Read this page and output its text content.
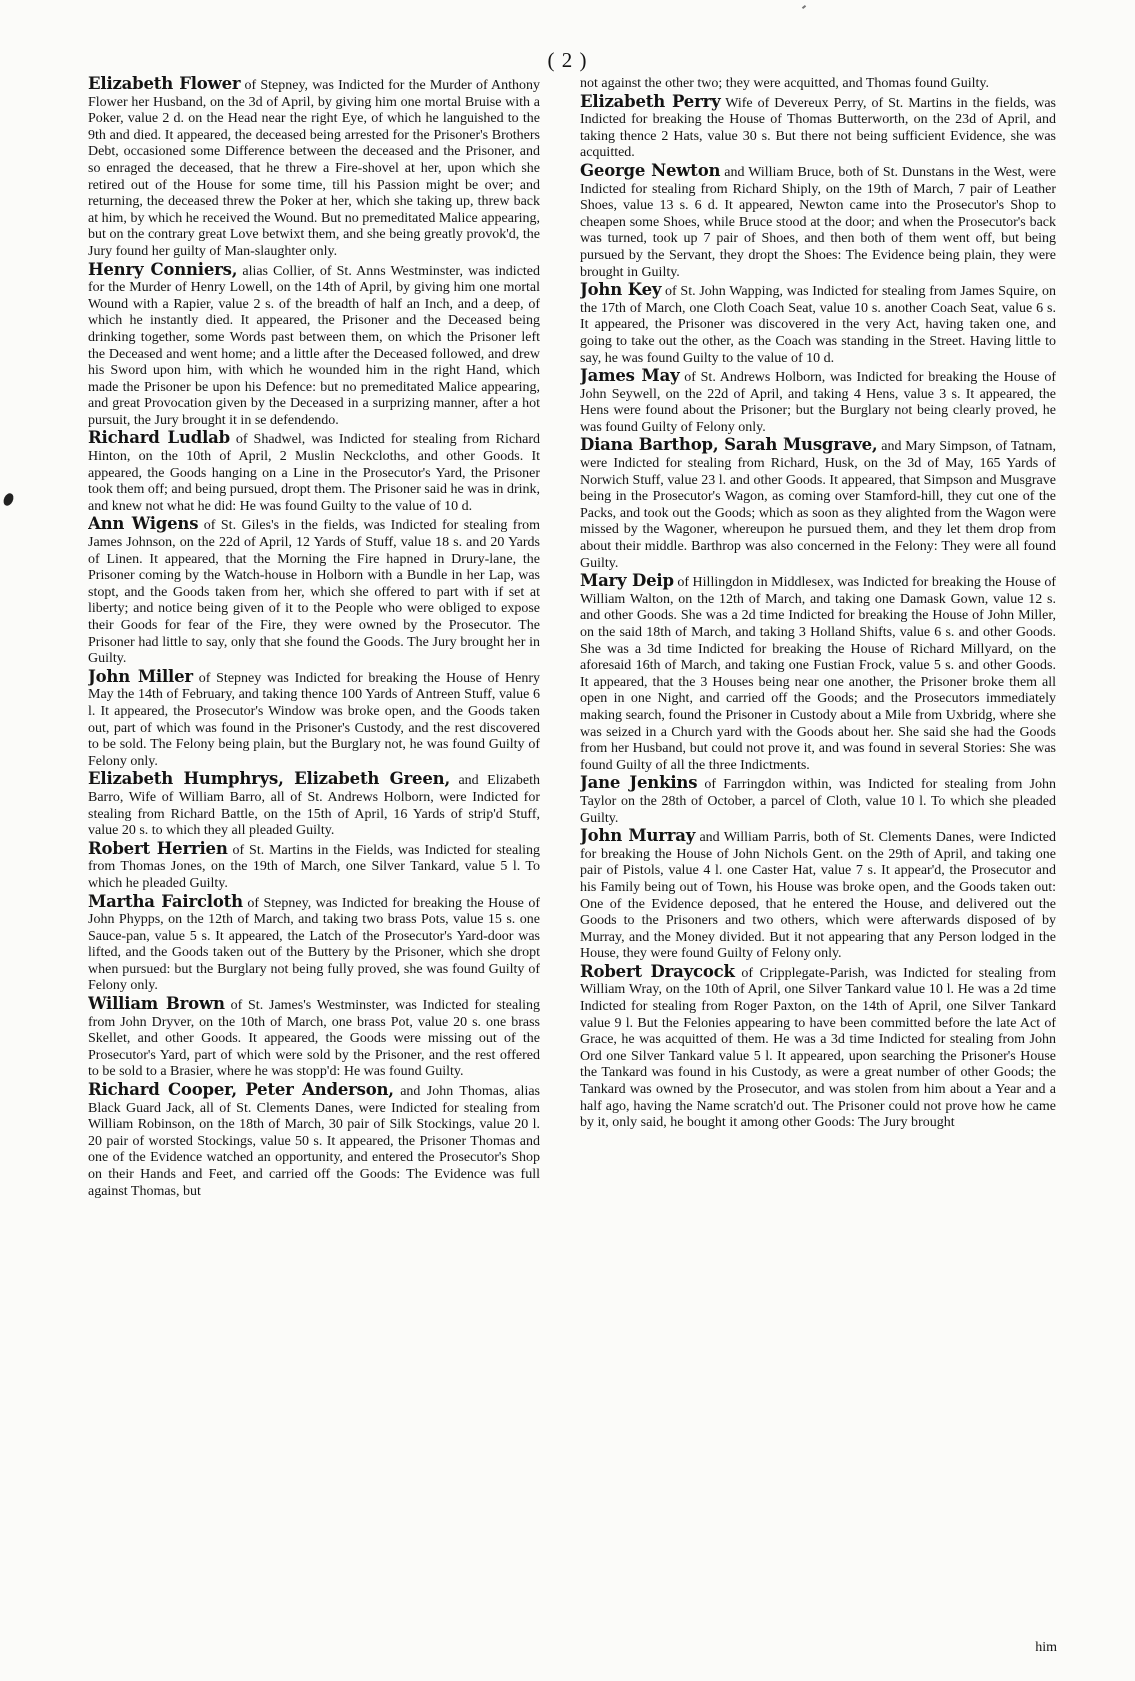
( 2 )

Elizabeth Flower of Stepney, was Indicted for the Murder of Anthony Flower her Husband, on the 3d of April, by giving him one mortal Bruise with a Poker, value 2 d. on the Head near the right Eye, of which he languished to the 9th and died. It appeared, the deceased being arrested for the Prisoner's Brothers Debt, occasioned some Difference between the deceased and the Prisoner, and so enraged the deceased, that he threw a Fire-shovel at her, upon which she retired out of the House for some time, till his Passion might be over; and returning, the deceased threw the Poker at her, which she taking up, threw back at him, by which he received the Wound. But no premeditated Malice appearing, but on the contrary great Love betwixt them, and she being greatly provok'd, the Jury found her guilty of Man-slaughter only.

Henry Conniers, alias Collier, of St. Anns Westminster, was indicted for the Murder of Henry Lowell, on the 14th of April, by giving him one mortal Wound with a Rapier, value 2 s. of the breadth of half an Inch, and a deep, of which he instantly died. It appeared, the Prisoner and the Deceased being drinking together, some Words past between them, on which the Prisoner left the Deceased and went home; and a little after the Deceased followed, and drew his Sword upon him, with which he wounded him in the right Hand, which made the Prisoner be upon his Defence: but no premeditated Malice appearing, and great Provocation given by the Deceased in a surprizing manner, after a hot pursuit, the Jury brought it in se defendendo.

Richard Ludlab of Shadwel, was Indicted for stealing from Richard Hinton, on the 10th of April, 2 Muslin Neckcloths, and other Goods. It appeared, the Goods hanging on a Line in the Prosecutor's Yard, the Prisoner took them off; and being pursued, dropt them. The Prisoner said he was in drink, and knew not what he did: He was found Guilty to the value of 10 d.

Ann Wigens of St. Giles's in the fields, was Indicted for stealing from James Johnson, on the 22d of April, 12 Yards of Stuff, value 18 s. and 20 Yards of Linen. It appeared, that the Morning the Fire hapned in Drury-lane, the Prisoner coming by the Watch-house in Holborn with a Bundle in her Lap, was stopt, and the Goods taken from her, which she offered to part with if set at liberty; and notice being given of it to the People who were obliged to expose their Goods for fear of the Fire, they were owned by the Prosecutor. The Prisoner had little to say, only that she found the Goods. The Jury brought her in Guilty.

John Miller of Stepney was Indicted for breaking the House of Henry May the 14th of February, and taking thence 100 Yards of Antreen Stuff, value 6 l. It appeared, the Prosecutor's Window was broke open, and the Goods taken out, part of which was found in the Prisoner's Custody, and the rest discovered to be sold. The Felony being plain, but the Burglary not, he was found Guilty of Felony only.

Elizabeth Humphrys, Elizabeth Green, and Elizabeth Barro, Wife of William Barro, all of St. Andrews Holborn, were Indicted for stealing from Richard Battle, on the 15th of April, 16 Yards of strip'd Stuff, value 20 s. to which they all pleaded Guilty.

Robert Herrien of St. Martins in the Fields, was Indicted for stealing from Thomas Jones, on the 19th of March, one Silver Tankard, value 5 l. To which he pleaded Guilty.

Martha Faircloth of Stepney, was Indicted for breaking the House of John Phypps, on the 12th of March, and taking two brass Pots, value 15 s. one Sauce-pan, value 5 s. It appeared, the Latch of the Prosecutor's Yard-door was lifted, and the Goods taken out of the Buttery by the Prisoner, which she dropt when pursued: but the Burglary not being fully proved, she was found Guilty of Felony only.

William Brown of St. James's Westminster, was Indicted for stealing from John Dryver, on the 10th of March, one brass Pot, value 20 s. one brass Skellet, and other Goods. It appeared, the Goods were missing out of the Prosecutor's Yard, part of which were sold by the Prisoner, and the rest offered to be sold to a Brasier, where he was stopp'd: He was found Guilty.

Richard Cooper, Peter Anderson, and John Thomas, alias Black Guard Jack, all of St. Clements Danes, were Indicted for stealing from William Robinson, on the 18th of March, 30 pair of Silk Stockings, value 20 l. 20 pair of worsted Stockings, value 50 s. It appeared, the Prisoner Thomas and one of the Evidence watched an opportunity, and entered the Prosecutor's Shop on their Hands and Feet, and carried off the Goods: The Evidence was full against Thomas, but

not against the other two; they were acquitted, and Thomas found Guilty.

Elizabeth Perry Wife of Devereux Perry, of St. Martins in the fields, was Indicted for breaking the House of Thomas Butterworth, on the 23d of April, and taking thence 2 Hats, value 30 s. But there not being sufficient Evidence, she was acquitted.

George Newton and William Bruce, both of St. Dunstans in the West, were Indicted for stealing from Richard Shiply, on the 19th of March, 7 pair of Leather Shoes, value 13 s. 6 d. It appeared, Newton came into the Prosecutor's Shop to cheapen some Shoes, while Bruce stood at the door; and when the Prosecutor's back was turned, took up 7 pair of Shoes, and then both of them went off, but being pursued by the Servant, they dropt the Shoes: The Evidence being plain, they were brought in Guilty.

John Key of St. John Wapping, was Indicted for stealing from James Squire, on the 17th of March, one Cloth Coach Seat, value 10 s. another Coach Seat, value 6 s. It appeared, the Prisoner was discovered in the very Act, having taken one, and going to take out the other, as the Coach was standing in the Street. Having little to say, he was found Guilty to the value of 10 d.

James May of St. Andrews Holborn, was Indicted for breaking the House of John Seywell, on the 22d of April, and taking 4 Hens, value 3 s. It appeared, the Hens were found about the Prisoner; but the Burglary not being clearly proved, he was found Guilty of Felony only.

Diana Barthop, Sarah Musgrave, and Mary Simpson, of Tatnam, were Indicted for stealing from Richard, Husk, on the 3d of May, 165 Yards of Norwich Stuff, value 23 l. and other Goods. It appeared, that Simpson and Musgrave being in the Prosecutor's Wagon, as coming over Stamford-hill, they cut one of the Packs, and took out the Goods; which as soon as they alighted from the Wagon were missed by the Wagoner, whereupon he pursued them, and they let them drop from about their middle. Barthrop was also concerned in the Felony: They were all found Guilty.

Mary Deip of Hillingdon in Middlesex, was Indicted for breaking the House of William Walton, on the 12th of March, and taking one Damask Gown, value 12 s. and other Goods. She was a 2d time Indicted for breaking the House of John Miller, on the said 18th of March, and taking 3 Holland Shifts, value 6 s. and other Goods. She was a 3d time Indicted for breaking the House of Richard Millyard, on the aforesaid 16th of March, and taking one Fustian Frock, value 5 s. and other Goods. It appeared, that the 3 Houses being near one another, the Prisoner broke them all open in one Night, and carried off the Goods; and the Prosecutors immediately making search, found the Prisoner in Custody about a Mile from Uxbridg, where she was seized in a Church yard with the Goods about her. She said she had the Goods from her Husband, but could not prove it, and was found in several Stories: She was found Guilty of all the three Indictments.

Jane Jenkins of Farringdon within, was Indicted for stealing from John Taylor on the 28th of October, a parcel of Cloth, value 10 l. To which she pleaded Guilty.

John Murray and William Parris, both of St. Clements Danes, were Indicted for breaking the House of John Nichols Gent. on the 29th of April, and taking one pair of Pistols, value 4 l. one Caster Hat, value 7 s. It appear'd, the Prosecutor and his Family being out of Town, his House was broke open, and the Goods taken out: One of the Evidence deposed, that he entered the House, and delivered out the Goods to the Prisoners and two others, which were afterwards disposed of by Murray, and the Money divided. But it not appearing that any Person lodged in the House, they were found Guilty of Felony only.

Robert Draycock of Cripplegate-Parish, was Indicted for stealing from William Wray, on the 10th of April, one Silver Tankard value 10 l. He was a 2d time Indicted for stealing from Roger Paxton, on the 14th of April, one Silver Tankard value 9 l. But the Felonies appearing to have been committed before the late Act of Grace, he was acquitted of them. He was a 3d time Indicted for stealing from John Ord one Silver Tankard value 5 l. It appeared, upon searching the Prisoner's House the Tankard was found in his Custody, as were a great number of other Goods; the Tankard was owned by the Prosecutor, and was stolen from him about a Year and a half ago, having the Name scratch'd out. The Prisoner could not prove how he came by it, only said, he bought it among other Goods: The Jury brought

him
